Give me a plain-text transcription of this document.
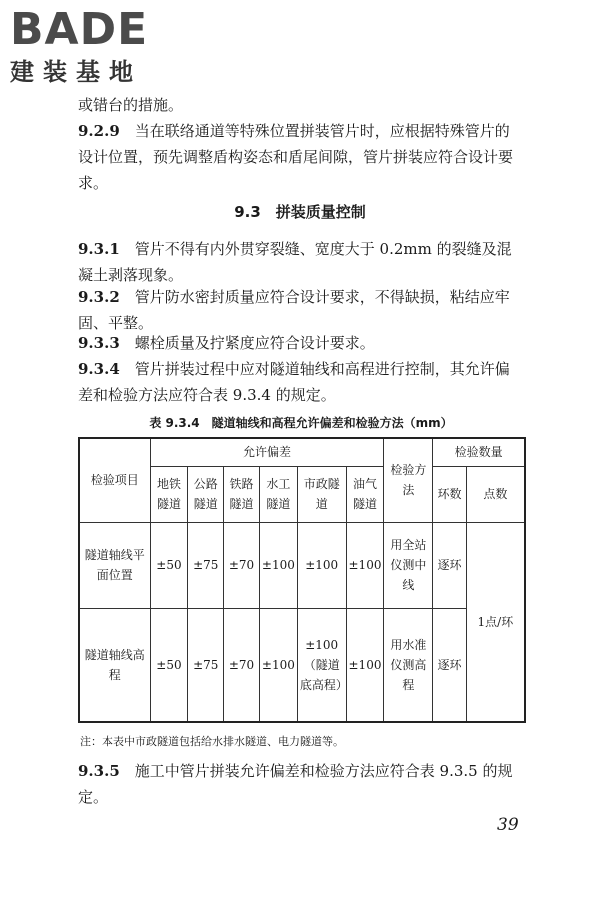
BADE
建装基地

或错台的措施。

9.2.9　 当在联络通道等特殊位置拼装管片时，应根据特殊管片的设计位置，预先调整盾构姿态和盾尾间隙，管片拼装应符合设计要求。

9.3　拼装质量控制

9.3.1　 管片不得有内外贯穿裂缝、宽度大于 0.2mm 的裂缝及混凝土剥落现象。

9.3.2　 管片防水密封质量应符合设计要求，不得缺损，粘结应牢固、平整。

9.3.3　 螺栓质量及拧紧度应符合设计要求。

9.3.4　 管片拼装过程中应对隧道轴线和高程进行控制，其允许偏差和检验方法应符合表 9.3.4 的规定。

表 9.3.4　隧道轴线和高程允许偏差和检验方法（mm）
检验项目	允许偏差						检验方法	检验数量	
	地铁隧道	公路隧道	铁路隧道	水工隧道	市政隧道	油气隧道		环数	点数
隧道轴线平面位置	±50	±75	±70	±100	±100	±100	用全站仪测中线	逐环	1点/环
隧道轴线高程	±50	±75	±70	±100	±100（隧道底高程）	±100	用水准仪测高程	逐环	
注：本表中市政隧道包括给水排水隧道、电力隧道等。

9.3.5　 施工中管片拼装允许偏差和检验方法应符合表 9.3.5 的规定。

39
